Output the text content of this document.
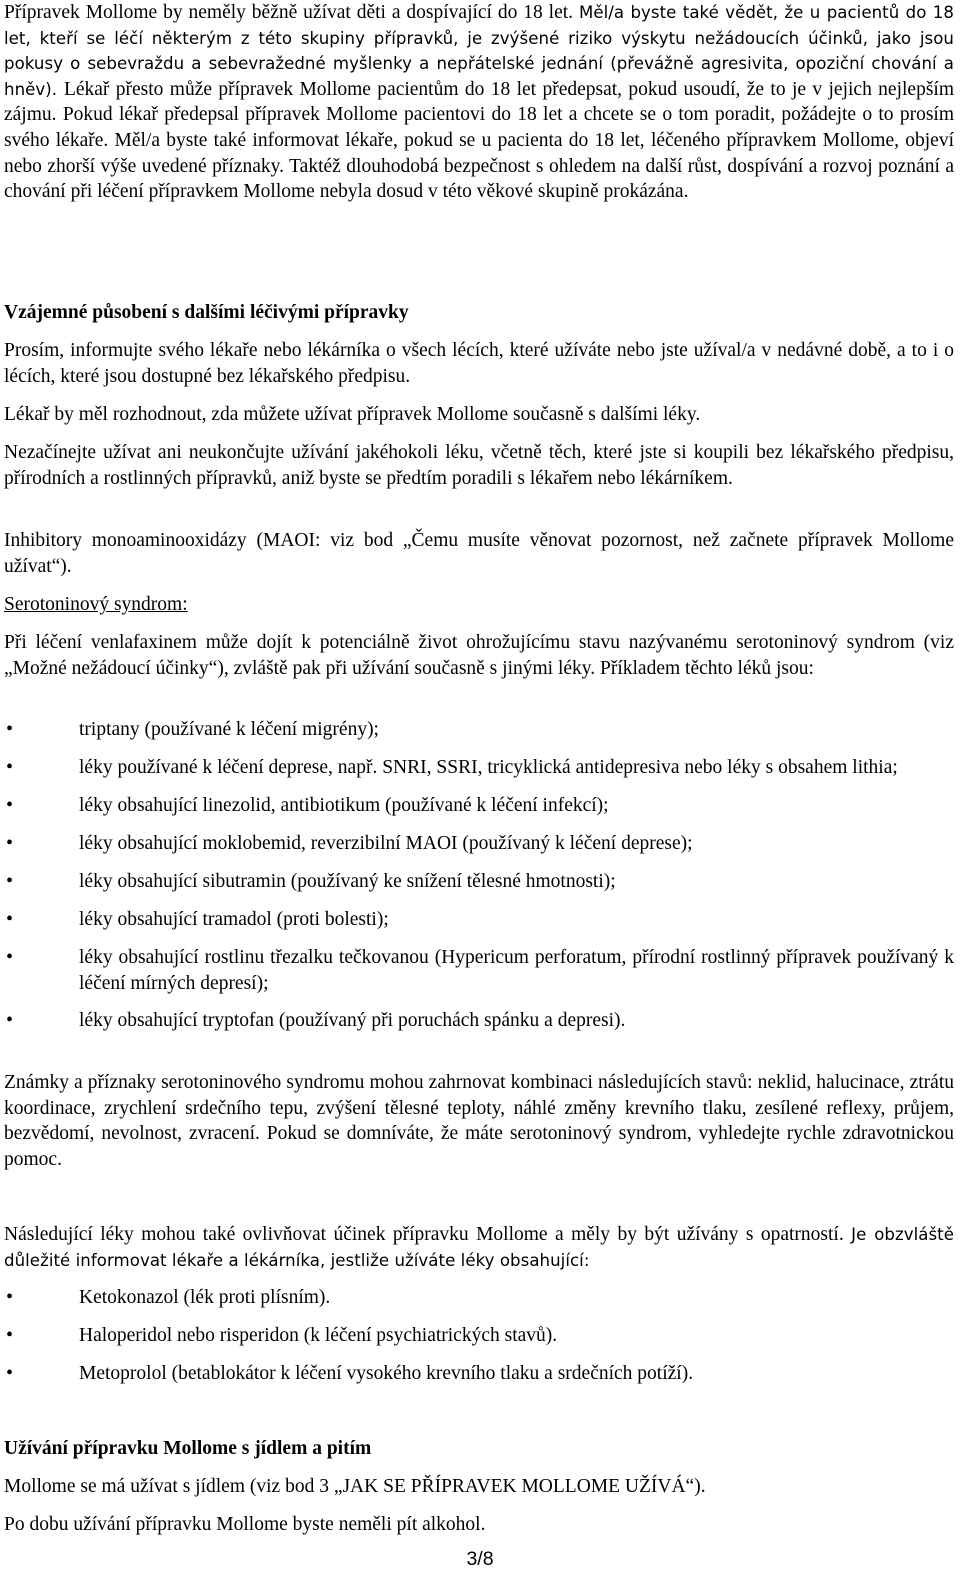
Přípravek Mollome by neměly běžně užívat děti a dospívající do 18 let. Měl/a byste také vědět, že u pacientů do 18 let, kteří se léčí některým z této skupiny přípravků, je zvýšené riziko výskytu nežádoucích účinků, jako jsou pokusy o sebevraždu a sebevražedné myšlenky a nepřátelské jednání (převážně agresivita, opoziční chování a hněv). Lékař přesto může přípravek Mollome pacientům do 18 let předepsat, pokud usoudí, že to je v jejich nejlepším zájmu. Pokud lékař předepsal přípravek Mollome pacientovi do 18 let a chcete se o tom poradit, požádejte o to prosím svého lékaře. Měl/a byste také informovat lékaře, pokud se u pacienta do 18 let, léčeného přípravkem Mollome, objeví nebo zhorší výše uvedené příznaky. Taktéž dlouhodobá bezpečnost s ohledem na další růst, dospívání a rozvoj poznání a chování při léčení přípravkem Mollome nebyla dosud v této věkové skupině prokázána.

Vzájemné působení s dalšími léčivými přípravky

Prosím, informujte svého lékaře nebo lékárníka o všech lécích, které užíváte nebo jste užíval/a v nedávné době, a to i o lécích, které jsou dostupné bez lékařského předpisu.

Lékař by měl rozhodnout, zda můžete užívat přípravek Mollome současně s dalšími léky.

Nezačínejte užívat ani neukončujte užívání jakéhokoli léku, včetně těch, které jste si koupili bez lékařského předpisu, přírodních a rostlinných přípravků, aniž byste se předtím poradili s lékařem nebo lékárníkem.

Inhibitory monoaminooxidázy (MAOI: viz bod „Čemu musíte věnovat pozornost, než začnete přípravek Mollome užívat“).

Serotoninový syndrom:

Při léčení venlafaxinem může dojít k potenciálně život ohrožujícímu stavu nazývanému serotoninový syndrom (viz „Možné nežádoucí účinky“), zvláště pak při užívání současně s jinými léky. Příkladem těchto léků jsou:

• triptany (používané k léčení migrény);
• léky používané k léčení deprese, např. SNRI, SSRI, tricyklická antidepresiva nebo léky s obsahem lithia;
• léky obsahující linezolid, antibiotikum (používané k léčení infekcí);
• léky obsahující moklobemid, reverzibilní MAOI (používaný k léčení deprese);
• léky obsahující sibutramin (používaný ke snížení tělesné hmotnosti);
• léky obsahující tramadol (proti bolesti);
• léky obsahující rostlinu třezalku tečkovanou (Hypericum perforatum, přírodní rostlinný přípravek používaný k léčení mírných depresí);
• léky obsahující tryptofan (používaný při poruchách spánku a depresi).

Známky a příznaky serotoninového syndromu mohou zahrnovat kombinaci následujících stavů: neklid, halucinace, ztrátu koordinace, zrychlení srdečního tepu, zvýšení tělesné teploty, náhlé změny krevního tlaku, zesílené reflexy, průjem, bezvědomí, nevolnost, zvracení. Pokud se domníváte, že máte serotoninový syndrom, vyhledejte rychle zdravotnickou pomoc.

Následující léky mohou také ovlivňovat účinek přípravku Mollome a měly by být užívány s opatrností. Je obzvláště důležité informovat lékaře a lékárníka, jestliže užíváte léky obsahující:

• Ketokonazol (lék proti plísním).
• Haloperidol nebo risperidon (k léčení psychiatrických stavů).
• Metoprolol (betablokátor k léčení vysokého krevního tlaku a srdečních potíží).
Užívání přípravku Mollome s jídlem a pitím

Mollome se má užívat s jídlem (viz bod 3 „JAK SE PŘÍPRAVEK MOLLOME UŽÍVÁ“).

Po dobu užívání přípravku Mollome byste neměli pít alkohol.

3/8
